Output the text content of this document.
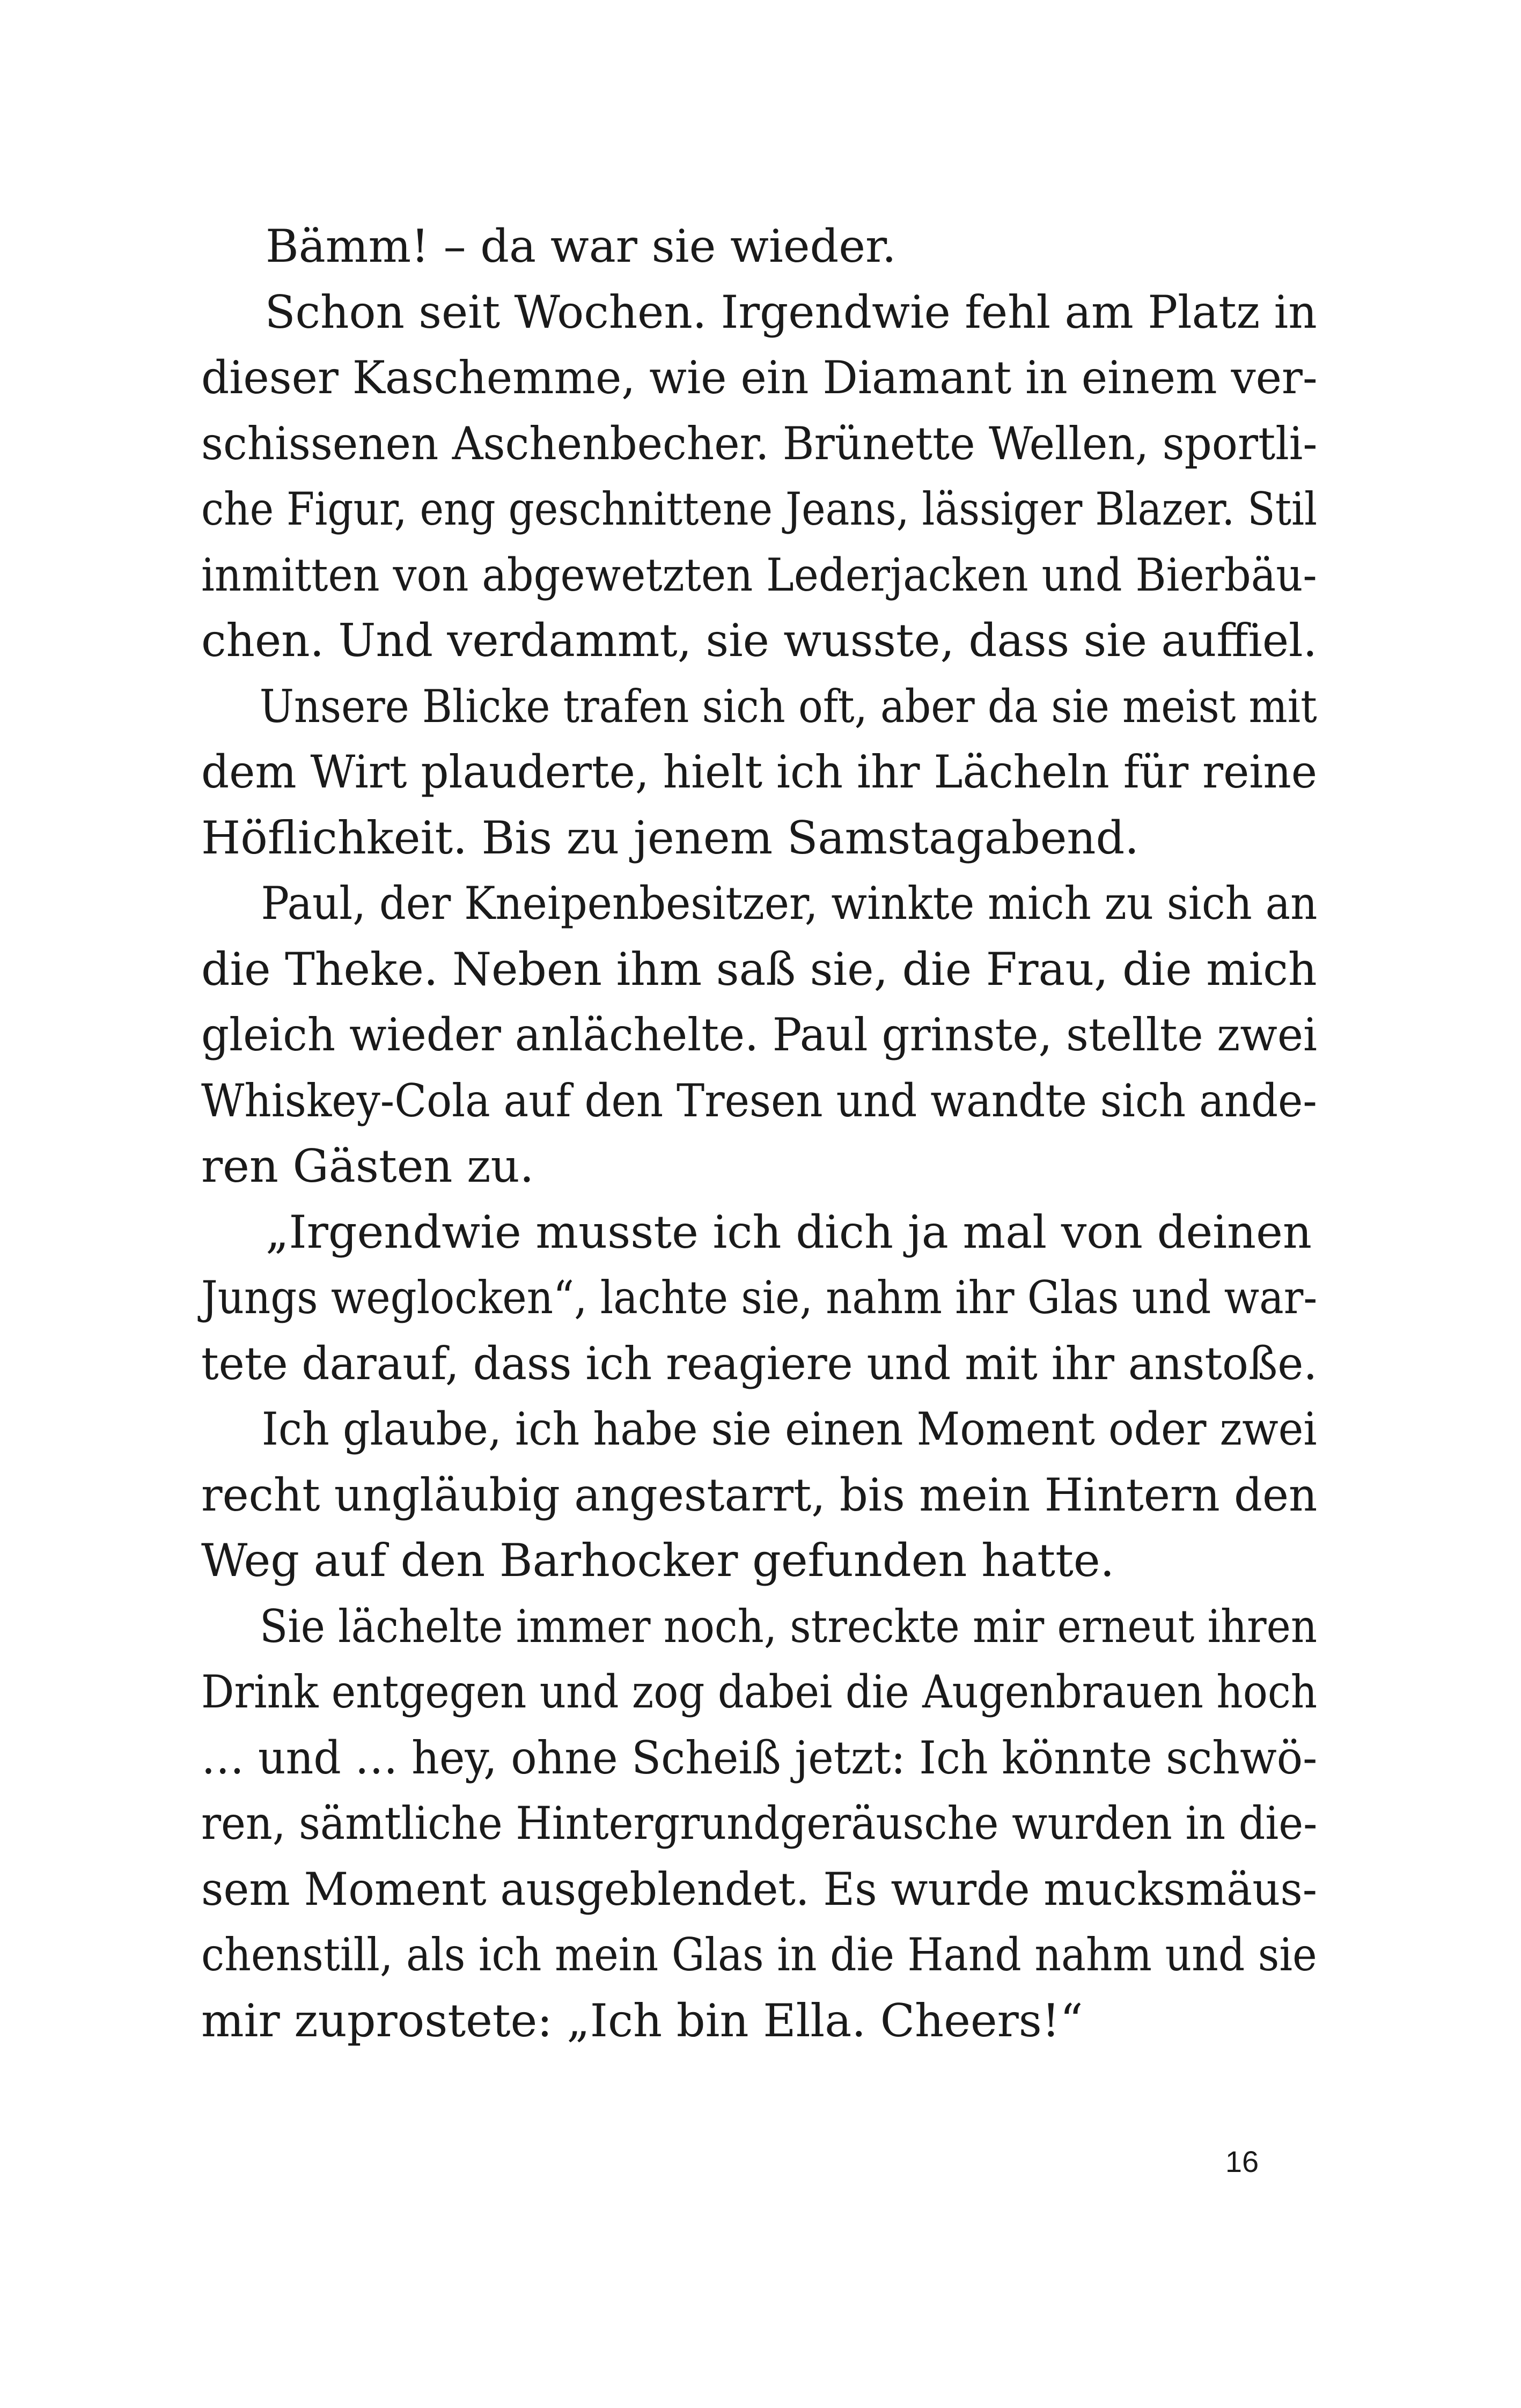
Bämm! – da war sie wieder.
Schon seit Wochen. Irgendwie fehl am Platz in
dieser Kaschemme, wie ein Diamant in einem ver-
schissenen Aschenbecher. Brünette Wellen, sportli-
che Figur, eng geschnittene Jeans, lässiger Blazer. Stil
inmitten von abgewetzten Lederjacken und Bierbäu-
chen. Und verdammt, sie wusste, dass sie auffiel.
Unsere Blicke trafen sich oft, aber da sie meist mit
dem Wirt plauderte, hielt ich ihr Lächeln für reine
Höflichkeit. Bis zu jenem Samstagabend.
Paul, der Kneipenbesitzer, winkte mich zu sich an
die Theke. Neben ihm saß sie, die Frau, die mich
gleich wieder anlächelte. Paul grinste, stellte zwei
Whiskey-Cola auf den Tresen und wandte sich ande-
ren Gästen zu.
„Irgendwie musste ich dich ja mal von deinen
Jungs weglocken“, lachte sie, nahm ihr Glas und war-
tete darauf, dass ich reagiere und mit ihr anstoße.
Ich glaube, ich habe sie einen Moment oder zwei
recht ungläubig angestarrt, bis mein Hintern den
Weg auf den Barhocker gefunden hatte.
Sie lächelte immer noch, streckte mir erneut ihren
Drink entgegen und zog dabei die Augenbrauen hoch
… und … hey, ohne Scheiß jetzt: Ich könnte schwö-
ren, sämtliche Hintergrundgeräusche wurden in die-
sem Moment ausgeblendet. Es wurde mucksmäus-
chenstill, als ich mein Glas in die Hand nahm und sie
mir zuprostete: „Ich bin Ella. Cheers!“
16
